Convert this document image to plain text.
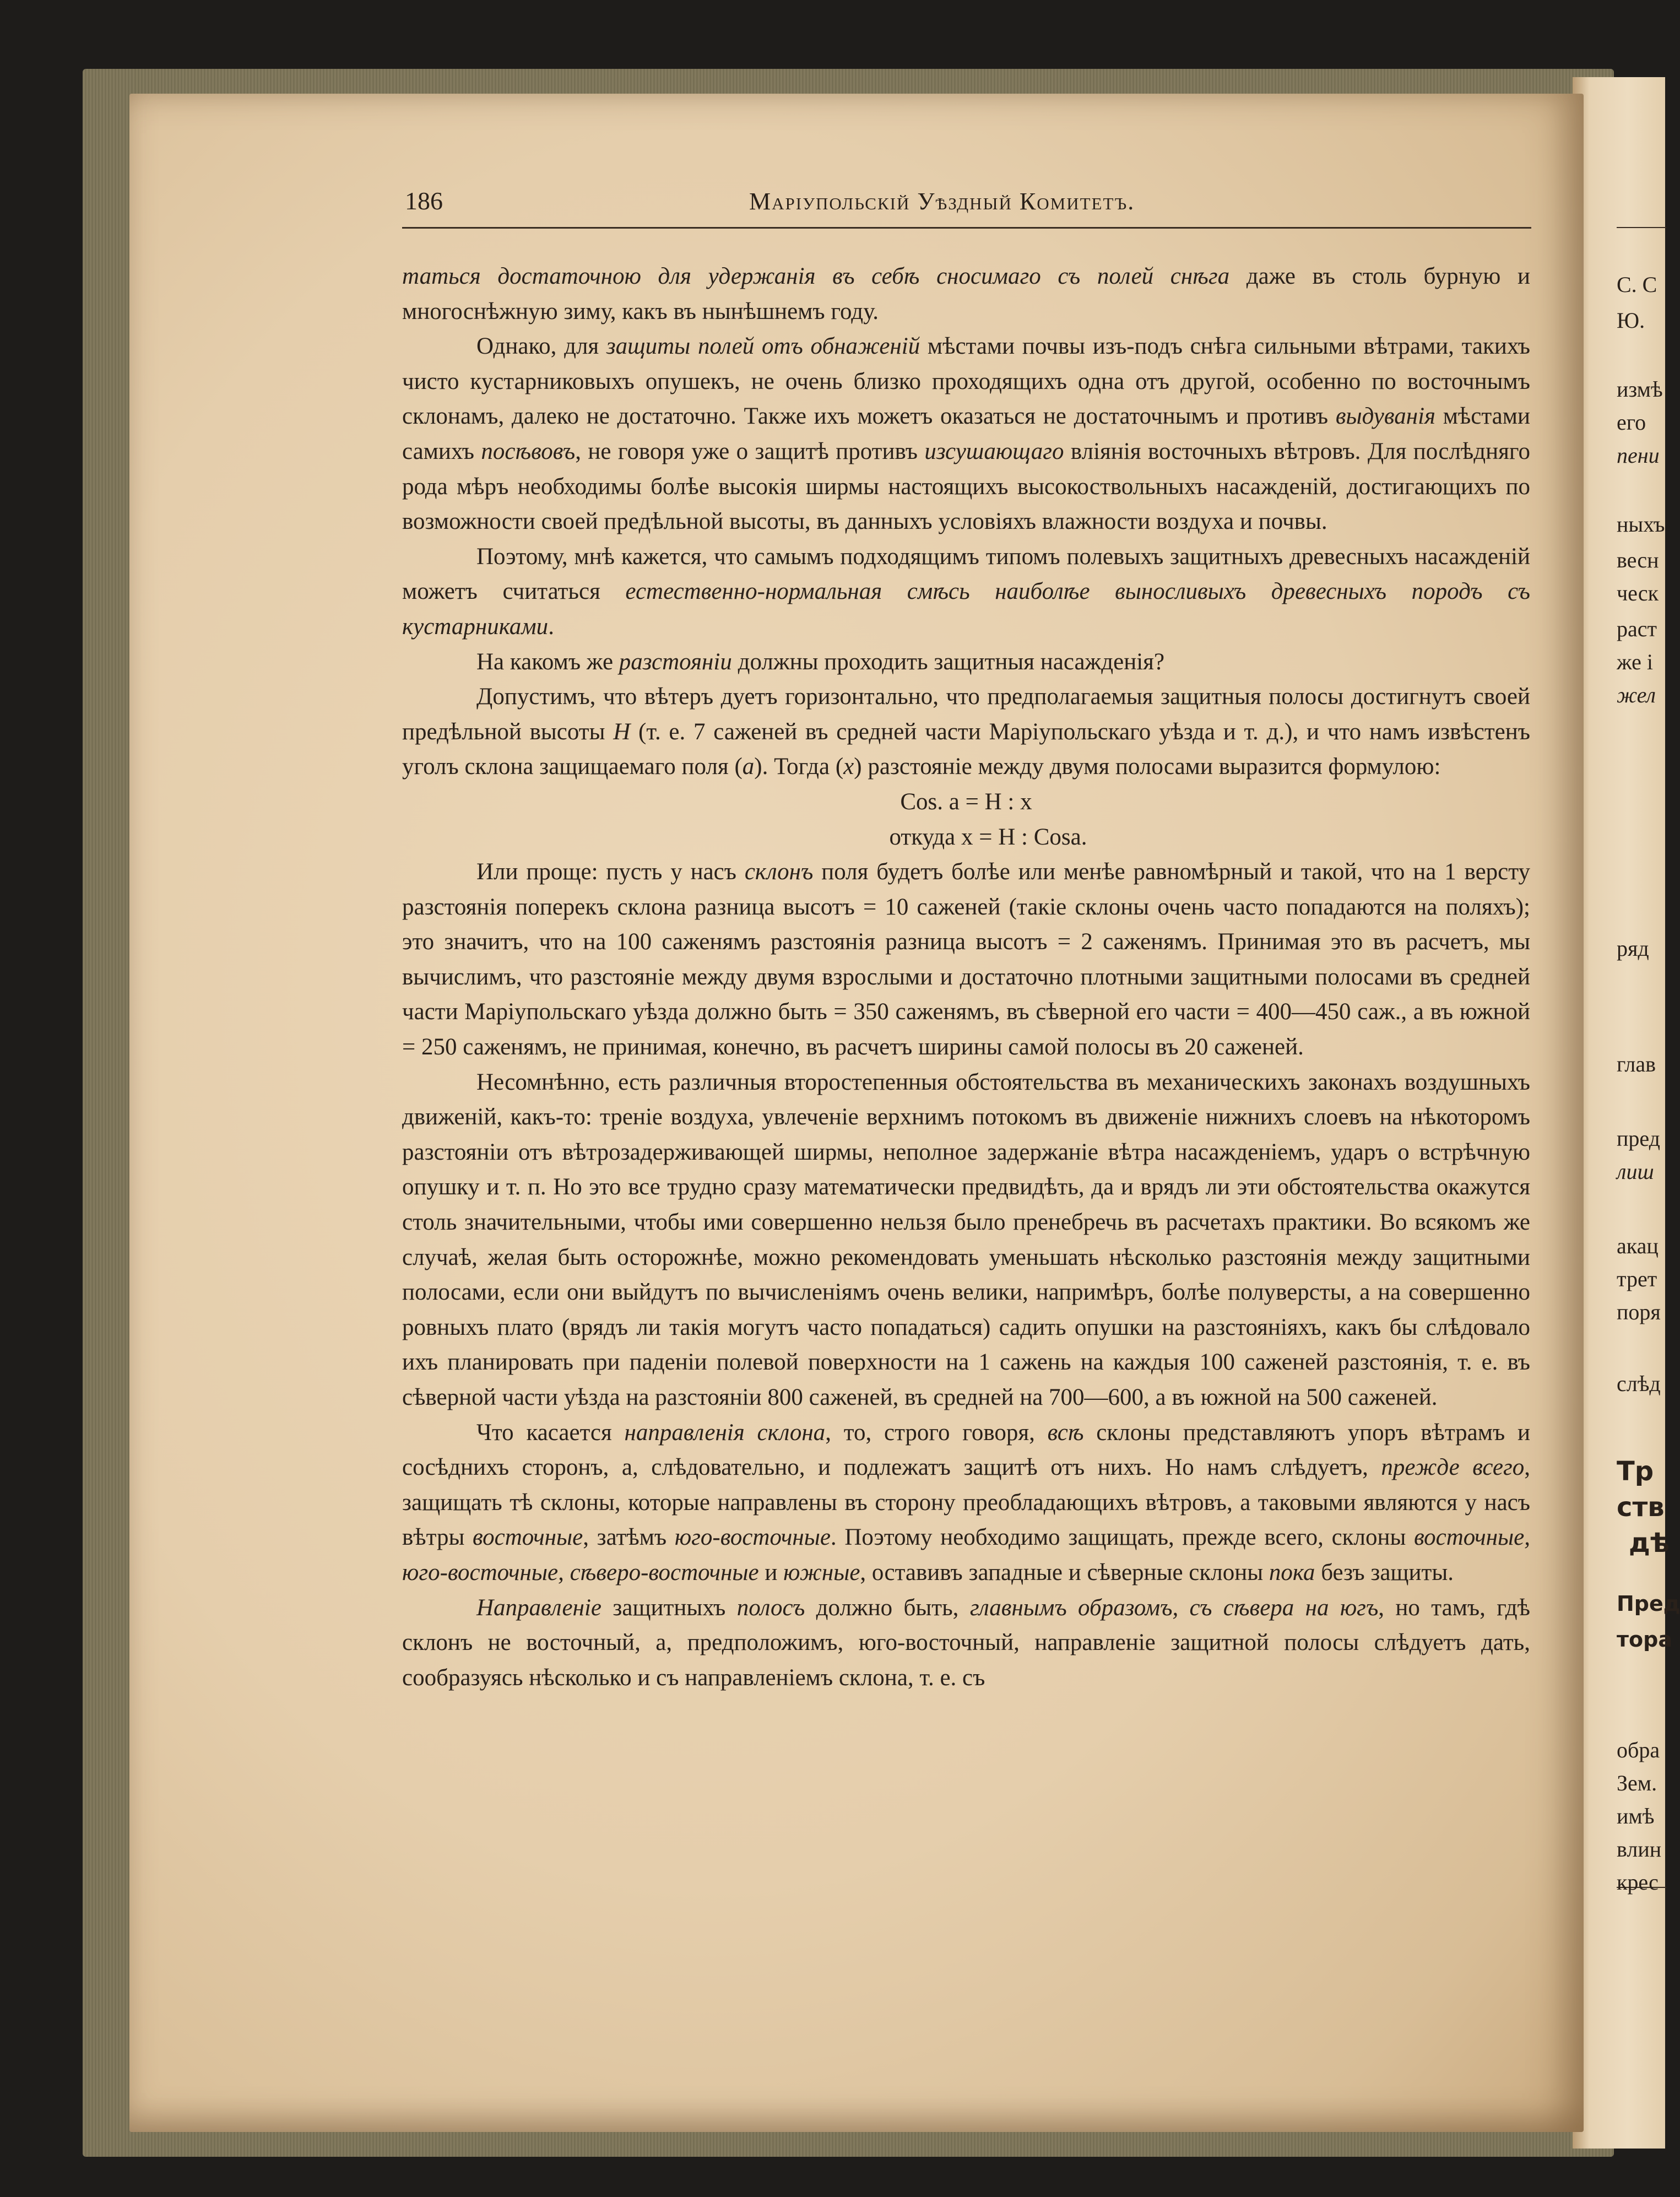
186	Маріупольскій Уѣздный Комитетъ.

таться достаточною для удержанія въ себѣ сносимаго съ полей снѣга даже въ столь бурную и многоснѣжную зиму, какъ въ нынѣшнемъ году.

Однако, для защиты полей отъ обнаженій мѣстами почвы изъ-подъ снѣга сильными вѣтрами, такихъ чисто кустарниковыхъ опушекъ, не очень близко проходящихъ одна отъ другой, особенно по восточнымъ склонамъ, далеко не достаточно. Также ихъ можетъ оказаться не достаточнымъ и противъ выдуванія мѣстами самихъ посѣвовъ, не говоря уже о защитѣ противъ изсушающаго вліянія восточныхъ вѣтровъ. Для послѣдняго рода мѣръ необходимы болѣе высокія ширмы настоящихъ высокоствольныхъ насажденій, достигающихъ по возможности своей предѣльной высоты, въ данныхъ условіяхъ влажности воздуха и почвы.

Поэтому, мнѣ кажется, что самымъ подходящимъ типомъ полевыхъ защитныхъ древесныхъ насажденій можетъ считаться естественно-нормальная смѣсь наиболѣе выносливыхъ древесныхъ породъ съ кустарниками.

На какомъ же разстояніи должны проходить защитныя насажденія?

Допустимъ, что вѣтеръ дуетъ горизонтально, что предполагаемыя защитныя полосы достигнутъ своей предѣльной высоты H (т. е. 7 саженей въ средней части Маріупольскаго уѣзда и т. д.), и что намъ извѣстенъ уголъ склона защищаемаго поля (a). Тогда (x) разстояніе между двумя полосами выразится формулою:

Cos. a = H : x

откуда x = H : Cosa.

Или проще: пусть у насъ склонъ поля будетъ болѣе или менѣе равномѣрный и такой, что на 1 версту разстоянія поперекъ склона разница высотъ = 10 саженей (такіе склоны очень часто попадаются на поляхъ); это значитъ, что на 100 саженямъ разстоянія разница высотъ = 2 саженямъ. Принимая это въ расчетъ, мы вычислимъ, что разстояніе между двумя взрослыми и достаточно плотными защитными полосами въ средней части Маріупольскаго уѣзда должно быть = 350 саженямъ, въ сѣверной его части = 400—450 саж., а въ южной = 250 саженямъ, не принимая, конечно, въ расчетъ ширины самой полосы въ 20 саженей.

Несомнѣнно, есть различныя второстепенныя обстоятельства въ механическихъ законахъ воздушныхъ движеній, какъ-то: треніе воздуха, увлеченіе верхнимъ потокомъ въ движеніе нижнихъ слоевъ на нѣкоторомъ разстояніи отъ вѣтрозадерживающей ширмы, неполное задержаніе вѣтра насажденіемъ, ударъ о встрѣчную опушку и т. п. Но это все трудно сразу математически предвидѣть, да и врядъ ли эти обстоятельства окажутся столь значительными, чтобы ими совершенно нельзя было пренебречь въ расчетахъ практики. Во всякомъ же случаѣ, желая быть осторожнѣе, можно рекомендовать уменьшать нѣсколько разстоянія между защитными полосами, если они выйдутъ по вычисленіямъ очень велики, напримѣръ, болѣе полуверсты, а на совершенно ровныхъ плато (врядъ ли такія могутъ часто попадаться) садить опушки на разстояніяхъ, какъ бы слѣдовало ихъ планировать при паденіи полевой поверхности на 1 сажень на каждыя 100 саженей разстоянія, т. е. въ сѣверной части уѣзда на разстояніи 800 саженей, въ средней на 700—600, а въ южной на 500 саженей.

Что касается направленія склона, то, строго говоря, всѣ склоны представляютъ упоръ вѣтрамъ и сосѣднихъ сторонъ, а, слѣдовательно, и подлежатъ защитѣ отъ нихъ. Но намъ слѣдуетъ, прежде всего, защищать тѣ склоны, которые направлены въ сторону преобладающихъ вѣтровъ, а таковыми являются у насъ вѣтры восточные, затѣмъ юго-восточные. Поэтому необходимо защищать, прежде всего, склоны восточные, юго-восточные, сѣверо-восточные и южные, оставивъ западные и сѣверные склоны пока безъ защиты.

Направленіе защитныхъ полосъ должно быть, главнымъ образомъ, съ сѣвера на югъ, но тамъ, гдѣ склонъ не восточный, а, предположимъ, юго-восточный, направленіе защитной полосы слѣдуетъ дать, сообразуясь нѣсколько и съ направленіемъ склона, т. е. съ

С. С
Ю.
измѣ
его
пени
ныхъ
весн
ческ
раст
же і
жел
ряд
глав
пред
лиш
акац
трет
поря
слѣд
Тр
ств
дѣ
Пред
тора
обра
Зем.
имѣ
влин
крес
